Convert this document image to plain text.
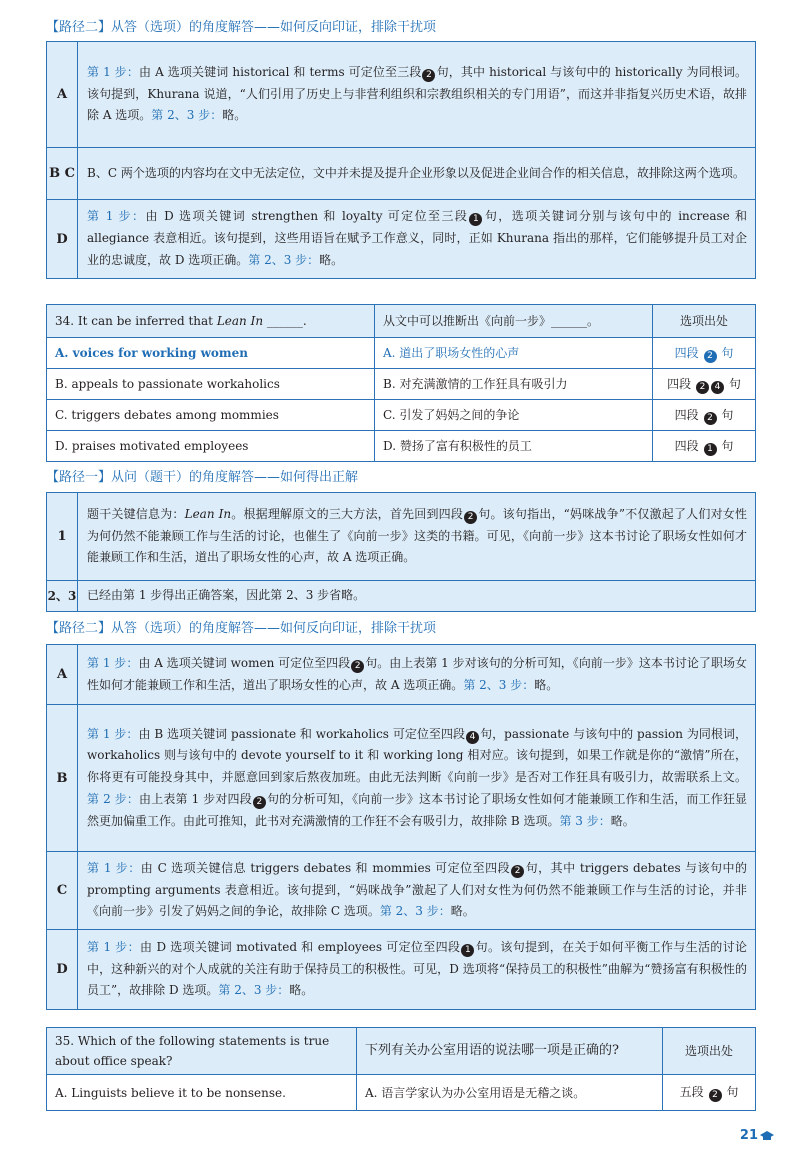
【路径二】从答（选项）的角度解答——如何反向印证，排除干扰项
A	第 1 步：由 A 选项关键词 historical 和 terms 可定位至三段 2 句，其中 historical 与该句中的 historically 为同根词。该句提到，Khurana 说道，“人们引用了历史上与非营利组织和宗教组织相关的专门用语”，而这并非指复兴历史术语，故排除 A 选项。第 2、3 步：略。
B C	B、C 两个选项的内容均在文中无法定位，文中并未提及提升企业形象以及促进企业间合作的相关信息，故排除这两个选项。
D	第 1 步：由 D 选项关键词 strengthen 和 loyalty 可定位至三段 1 句，选项关键词分别与该句中的 increase 和 allegiance 表意相近。该句提到，这些用语旨在赋予工作意义，同时，正如 Khurana 指出的那样，它们能够提升员工对企业的忠诚度，故 D 选项正确。第 2、3 步：略。
34. It can be inferred that Lean In ______.	从文中可以推断出《向前一步》______。	选项出处
A. voices for working women	A. 道出了职场女性的心声	四段 2 句
B. appeals to passionate workaholics	B. 对充满激情的工作狂具有吸引力	四段 2 4 句
C. triggers debates among mommies	C. 引发了妈妈之间的争论	四段 2 句
D. praises motivated employees	D. 赞扬了富有积极性的员工	四段 1 句
【路径一】从问（题干）的角度解答——如何得出正解
1	题干关键信息为：Lean In。根据理解原文的三大方法，首先回到四段 2 句。该句指出，“妈咪战争”不仅激起了人们对女性为何仍然不能兼顾工作与生活的讨论，也催生了《向前一步》这类的书籍。可见，《向前一步》这本书讨论了职场女性如何才能兼顾工作和生活，道出了职场女性的心声，故 A 选项正确。
2、3	已经由第 1 步得出正确答案，因此第 2、3 步省略。
【路径二】从答（选项）的角度解答——如何反向印证，排除干扰项
A	第 1 步：由 A 选项关键词 women 可定位至四段 2 句。由上表第 1 步对该句的分析可知，《向前一步》这本书讨论了职场女性如何才能兼顾工作和生活，道出了职场女性的心声，故 A 选项正确。第 2、3 步：略。
B	第 1 步：由 B 选项关键词 passionate 和 workaholics 可定位至四段 4 句，passionate 与该句中的 passion 为同根词，workaholics 则与该句中的 devote yourself to it 和 working long 相对应。该句提到，如果工作就是你的“激情”所在，你将更有可能投身其中，并愿意回到家后熬夜加班。由此无法判断《向前一步》是否对工作狂具有吸引力，故需联系上文。第 2 步：由上表第 1 步对四段 2 句的分析可知，《向前一步》这本书讨论了职场女性如何才能兼顾工作和生活，而工作狂显然更加偏重工作。由此可推知，此书对充满激情的工作狂不会有吸引力，故排除 B 选项。第 3 步：略。
C	第 1 步：由 C 选项关键信息 triggers debates 和 mommies 可定位至四段 2 句，其中 triggers debates 与该句中的 prompting arguments 表意相近。该句提到，“妈咪战争”激起了人们对女性为何仍然不能兼顾工作与生活的讨论，并非《向前一步》引发了妈妈之间的争论，故排除 C 选项。第 2、3 步：略。
D	第 1 步：由 D 选项关键词 motivated 和 employees 可定位至四段 1 句。该句提到，在关于如何平衡工作与生活的讨论中，这种新兴的对个人成就的关注有助于保持员工的积极性。可见，D 选项将“保持员工的积极性”曲解为“赞扬富有积极性的员工”，故排除 D 选项。第 2、3 步：略。
35. Which of the following statements is true about office speak?	下列有关办公室用语的说法哪一项是正确的?	选项出处
A. Linguists believe it to be nonsense.	A. 语言学家认为办公室用语是无稽之谈。	五段 2 句
21
